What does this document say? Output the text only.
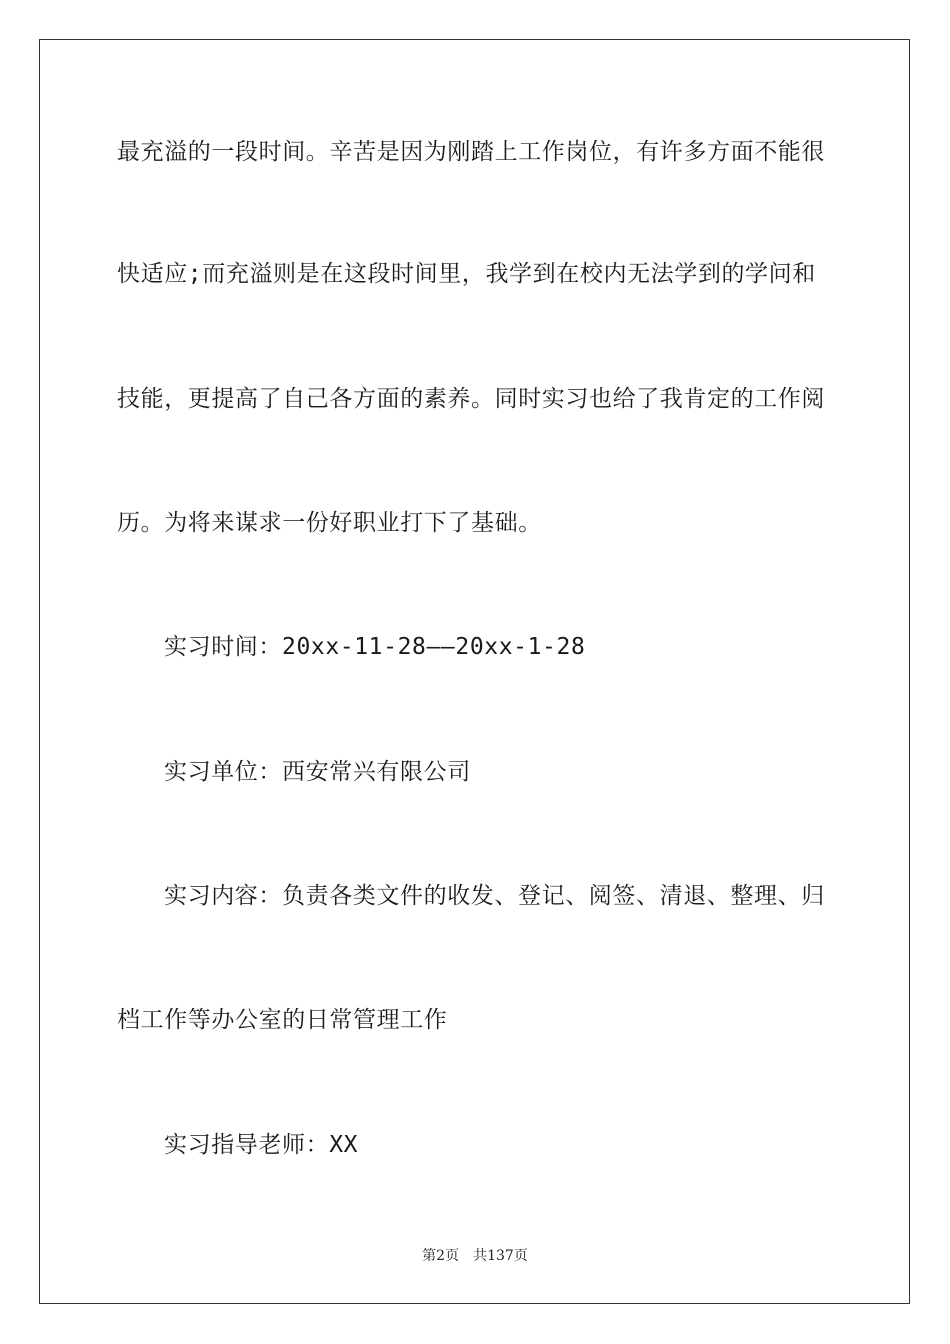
最充溢的一段时间。辛苦是因为刚踏上工作岗位，有许多方面不能很
快适应;而充溢则是在这段时间里，我学到在校内无法学到的学问和
技能，更提高了自己各方面的素养。同时实习也给了我肯定的工作阅
历。为将来谋求一份好职业打下了基础。
实习时间：20xx-11-28——20xx-1-28
实习单位：西安常兴有限公司
实习内容：负责各类文件的收发、登记、阅签、清退、整理、归
档工作等办公室的日常管理工作
实习指导老师：XX
第2页 共137页
